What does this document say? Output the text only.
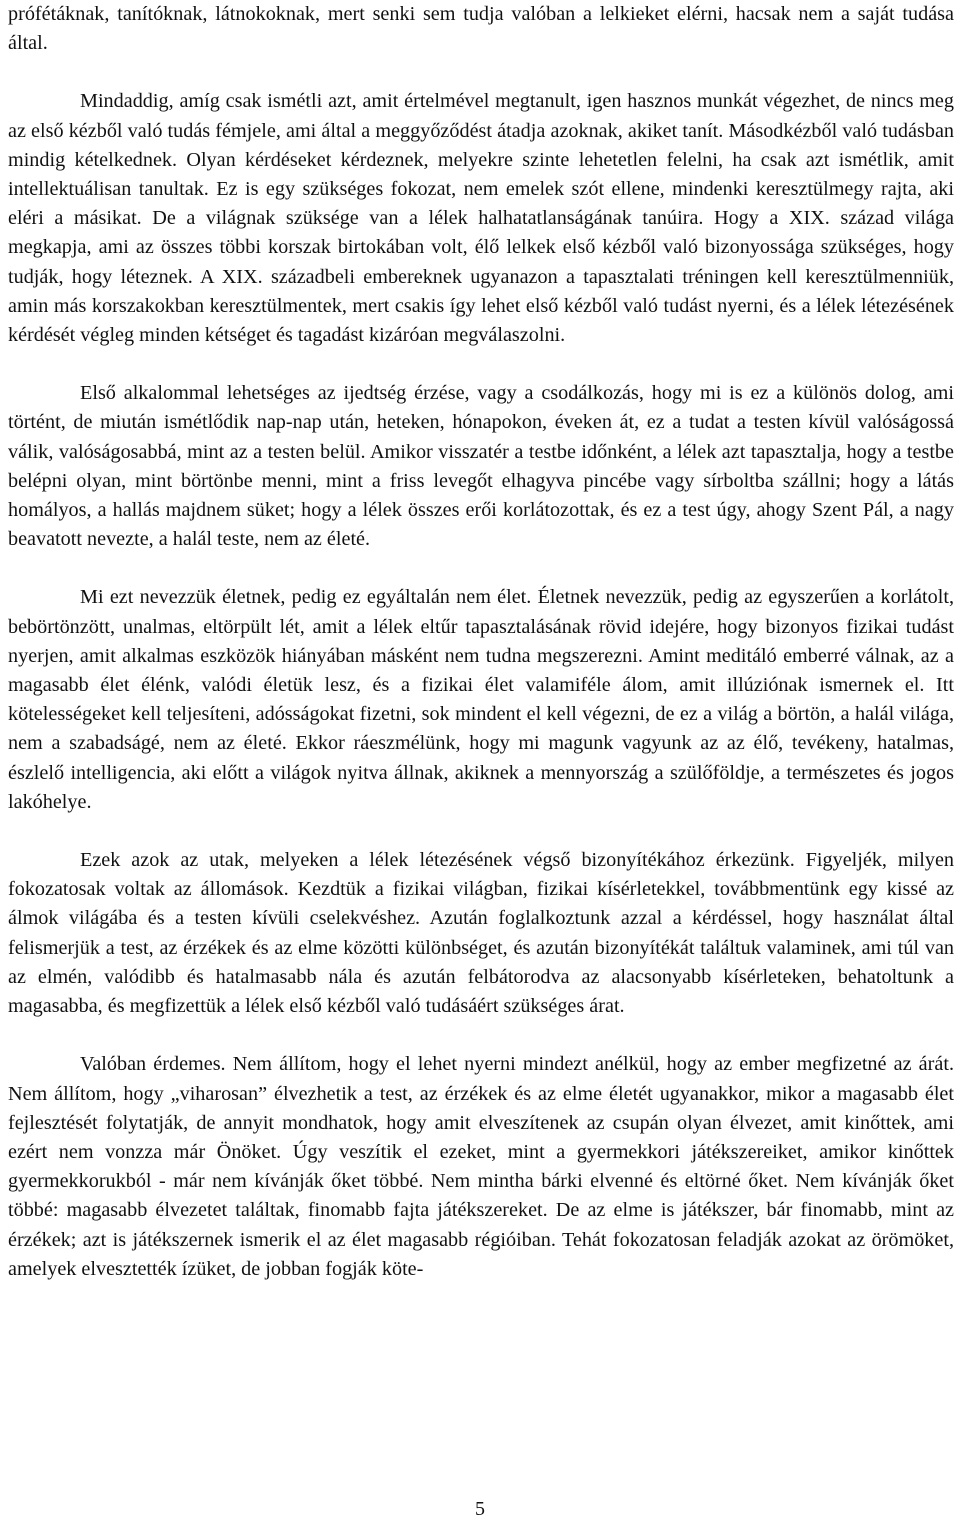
prófétáknak, tanítóknak, látnokoknak, mert senki sem tudja valóban a lelkieket elérni, hacsak nem a saját tudása által.

Mindaddig, amíg csak ismétli azt, amit értelmével megtanult, igen hasznos munkát végezhet, de nincs meg az első kézből való tudás fémjele, ami által a meggyőződést átadja azoknak, akiket tanít. Másodkézből való tudásban mindig kételkednek. Olyan kérdéseket kérdeznek, melyekre szinte lehetetlen felelni, ha csak azt ismétlik, amit intellektuálisan tanultak. Ez is egy szükséges fokozat, nem emelek szót ellene, mindenki keresztülmegy rajta, aki eléri a másikat. De a világnak szüksége van a lélek halhatatlanságának tanúira. Hogy a XIX. század világa megkapja, ami az összes többi korszak birtokában volt, élő lelkek első kézből való bizonyossága szükséges, hogy tudják, hogy léteznek. A XIX. századbeli embereknek ugyanazon a tapasztalati tréningen kell keresztülmenniük, amin más korszakokban keresztülmentek, mert csakis így lehet első kézből való tudást nyerni, és a lélek létezésének kérdését végleg minden kétséget és tagadást kizáróan megválaszolni.

Első alkalommal lehetséges az ijedtség érzése, vagy a csodálkozás, hogy mi is ez a különös dolog, ami történt, de miután ismétlődik nap-nap után, heteken, hónapokon, éveken át, ez a tudat a testen kívül valóságossá válik, valóságosabbá, mint az a testen belül. Amikor visszatér a testbe időnként, a lélek azt tapasztalja, hogy a testbe belépni olyan, mint börtönbe menni, mint a friss levegőt elhagyva pincébe vagy sírboltba szállni; hogy a látás homályos, a hallás majdnem süket; hogy a lélek összes erői korlátozottak, és ez a test úgy, ahogy Szent Pál, a nagy beavatott nevezte, a halál teste, nem az életé.

Mi ezt nevezzük életnek, pedig ez egyáltalán nem élet. Életnek nevezzük, pedig az egyszerűen a korlátolt, bebörtönzött, unalmas, eltörpült lét, amit a lélek eltűr tapasztalásának rövid idejére, hogy bizonyos fizikai tudást nyerjen, amit alkalmas eszközök hiányában másként nem tudna megszerezni. Amint meditáló emberré válnak, az a magasabb élet élénk, valódi életük lesz, és a fizikai élet valamiféle álom, amit illúziónak ismernek el. Itt kötelességeket kell teljesíteni, adósságokat fizetni, sok mindent el kell végezni, de ez a világ a börtön, a halál világa, nem a szabadságé, nem az életé. Ekkor ráeszmélünk, hogy mi magunk vagyunk az az élő, tevékeny, hatalmas, észlelő intelligencia, aki előtt a világok nyitva állnak, akiknek a mennyország a szülőföldje, a természetes és jogos lakóhelye.

Ezek azok az utak, melyeken a lélek létezésének végső bizonyítékához érkezünk. Figyeljék, milyen fokozatosak voltak az állomások. Kezdtük a fizikai világban, fizikai kísérletekkel, továbbmentünk egy kissé az álmok világába és a testen kívüli cselekvéshez. Azután foglalkoztunk azzal a kérdéssel, hogy használat által felismerjük a test, az érzékek és az elme közötti különbséget, és azután bizonyítékát találtuk valaminek, ami túl van az elmén, valódibb és hatalmasabb nála és azután felbátorodva az alacsonyabb kísérleteken, behatoltunk a magasabba, és megfizettük a lélek első kézből való tudásáért szükséges árat.

Valóban érdemes. Nem állítom, hogy el lehet nyerni mindezt anélkül, hogy az ember megfizetné az árát. Nem állítom, hogy „viharosan” élvezhetik a test, az érzékek és az elme életét ugyanakkor, mikor a magasabb élet fejlesztését folytatják, de annyit mondhatok, hogy amit elveszítenek az csupán olyan élvezet, amit kinőttek, ami ezért nem vonzza már Önöket. Úgy veszítik el ezeket, mint a gyermekkori játékszereiket, amikor kinőttek gyermekkorukból - már nem kívánják őket többé. Nem mintha bárki elvenné és eltörné őket. Nem kívánják őket többé: magasabb élvezetet találtak, finomabb fajta játékszereket. De az elme is játékszer, bár finomabb, mint az érzékek; azt is játékszernek ismerik el az élet magasabb régióiban. Tehát fokozatosan feladják azokat az örömöket, amelyek elvesztették ízüket, de jobban fogják köte-

5
